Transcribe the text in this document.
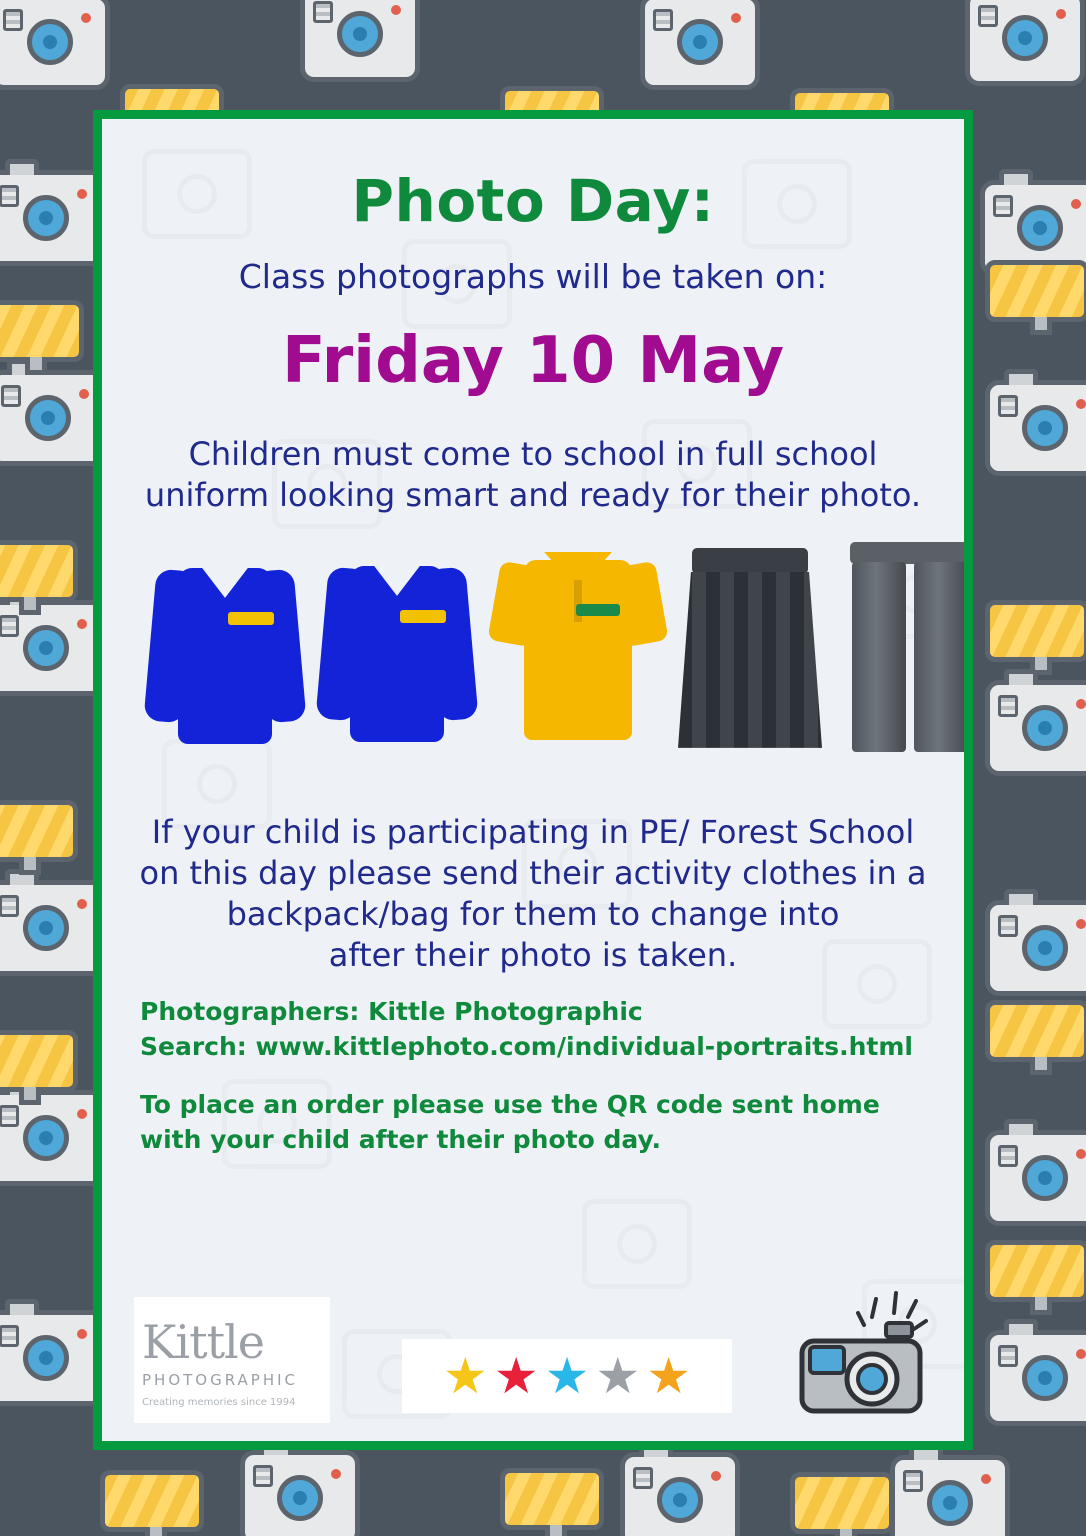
Photo Day:

Class photographs will be taken on:

Friday 10 May

Children must come to school in full school
uniform looking smart and ready for their photo.
If your child is participating in PE/ Forest School
on this day please send their activity clothes in a
backpack/bag for them to change into
after their photo is taken.
Photographers: Kittle Photographic
Search: www.kittlephoto.com/individual-portraits.html
To place an order please use the QR code sent home
with your child after their photo day.
Kittle
PHOTOGRAPHIC
Creating memories since 1994	★ ★ ★ ★ ★
